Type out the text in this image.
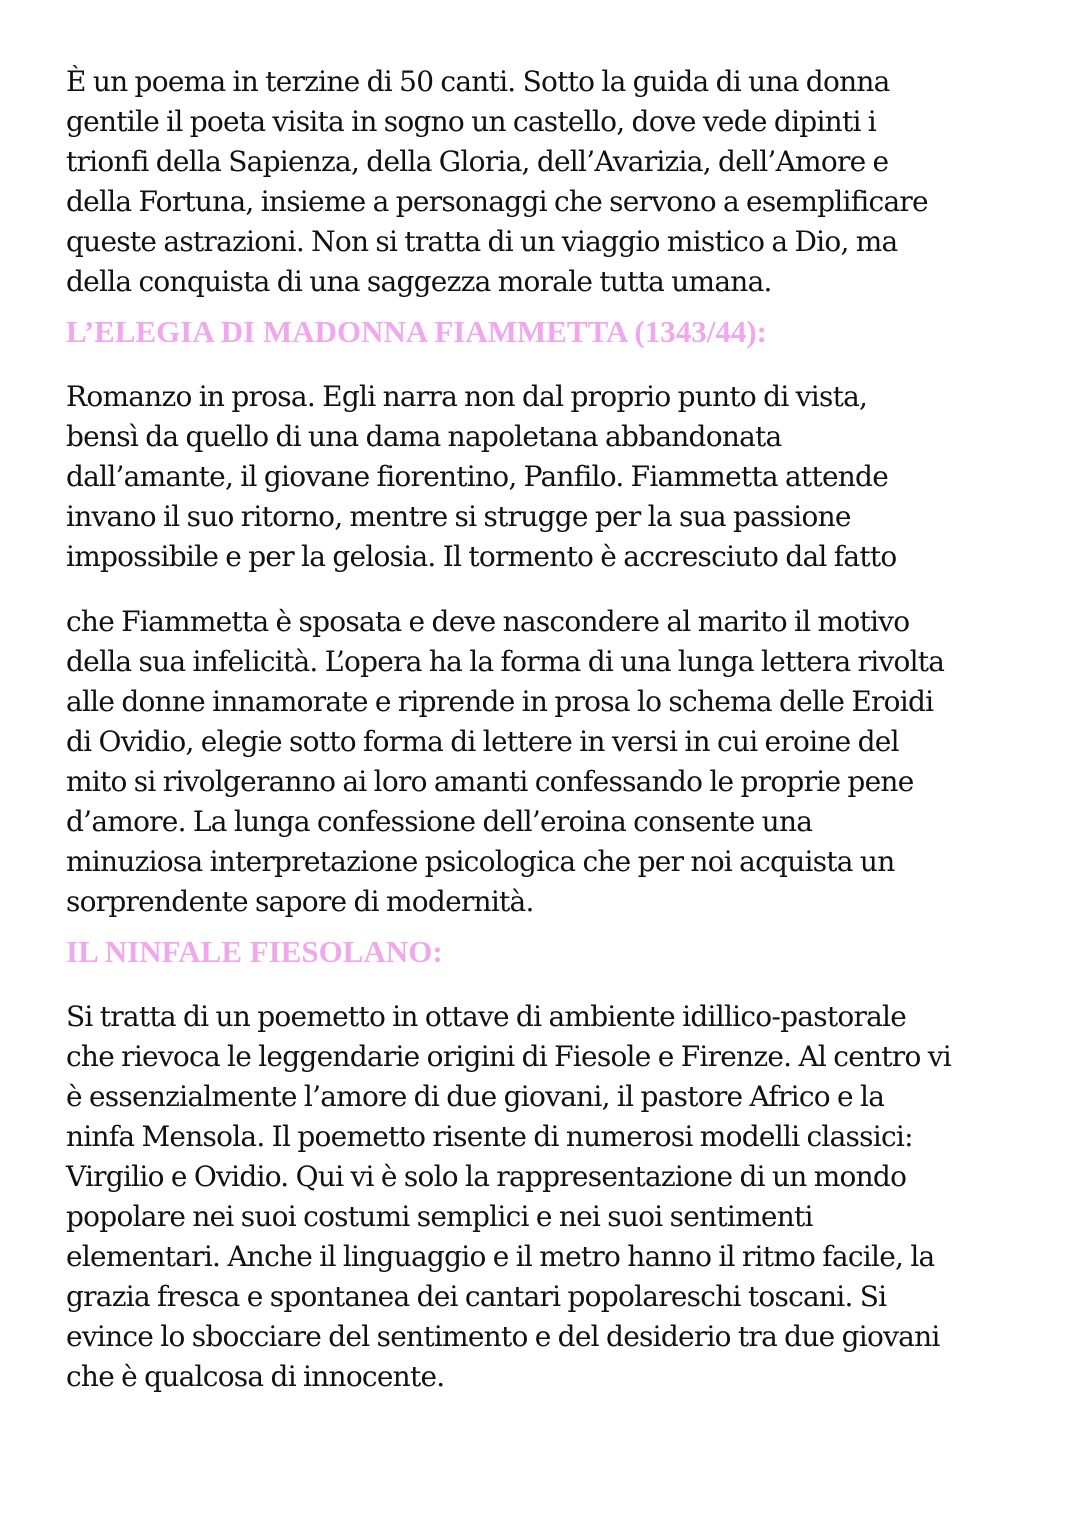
È un poema in terzine di 50 canti. Sotto la guida di una donna
gentile il poeta visita in sogno un castello, dove vede dipinti i
trionfi della Sapienza, della Gloria, dell’Avarizia, dell’Amore e
della Fortuna, insieme a personaggi che servono a esemplificare
queste astrazioni. Non si tratta di un viaggio mistico a Dio, ma
della conquista di una saggezza morale tutta umana.

L’ELEGIA DI MADONNA FIAMMETTA (1343/44):

Romanzo in prosa. Egli narra non dal proprio punto di vista,
bensì da quello di una dama napoletana abbandonata
dall’amante, il giovane fiorentino, Panfilo. Fiammetta attende
invano il suo ritorno, mentre si strugge per la sua passione
impossibile e per la gelosia. Il tormento è accresciuto dal fatto

che Fiammetta è sposata e deve nascondere al marito il motivo
della sua infelicità. L’opera ha la forma di una lunga lettera rivolta
alle donne innamorate e riprende in prosa lo schema delle Eroidi
di Ovidio, elegie sotto forma di lettere in versi in cui eroine del
mito si rivolgeranno ai loro amanti confessando le proprie pene
d’amore. La lunga confessione dell’eroina consente una
minuziosa interpretazione psicologica che per noi acquista un
sorprendente sapore di modernità.

IL NINFALE FIESOLANO:

Si tratta di un poemetto in ottave di ambiente idillico-pastorale
che rievoca le leggendarie origini di Fiesole e Firenze. Al centro vi
è essenzialmente l’amore di due giovani, il pastore Africo e la
ninfa Mensola. Il poemetto risente di numerosi modelli classici:
Virgilio e Ovidio. Qui vi è solo la rappresentazione di un mondo
popolare nei suoi costumi semplici e nei suoi sentimenti
elementari. Anche il linguaggio e il metro hanno il ritmo facile, la
grazia fresca e spontanea dei cantari popolareschi toscani. Si
evince lo sbocciare del sentimento e del desiderio tra due giovani
che è qualcosa di innocente.
